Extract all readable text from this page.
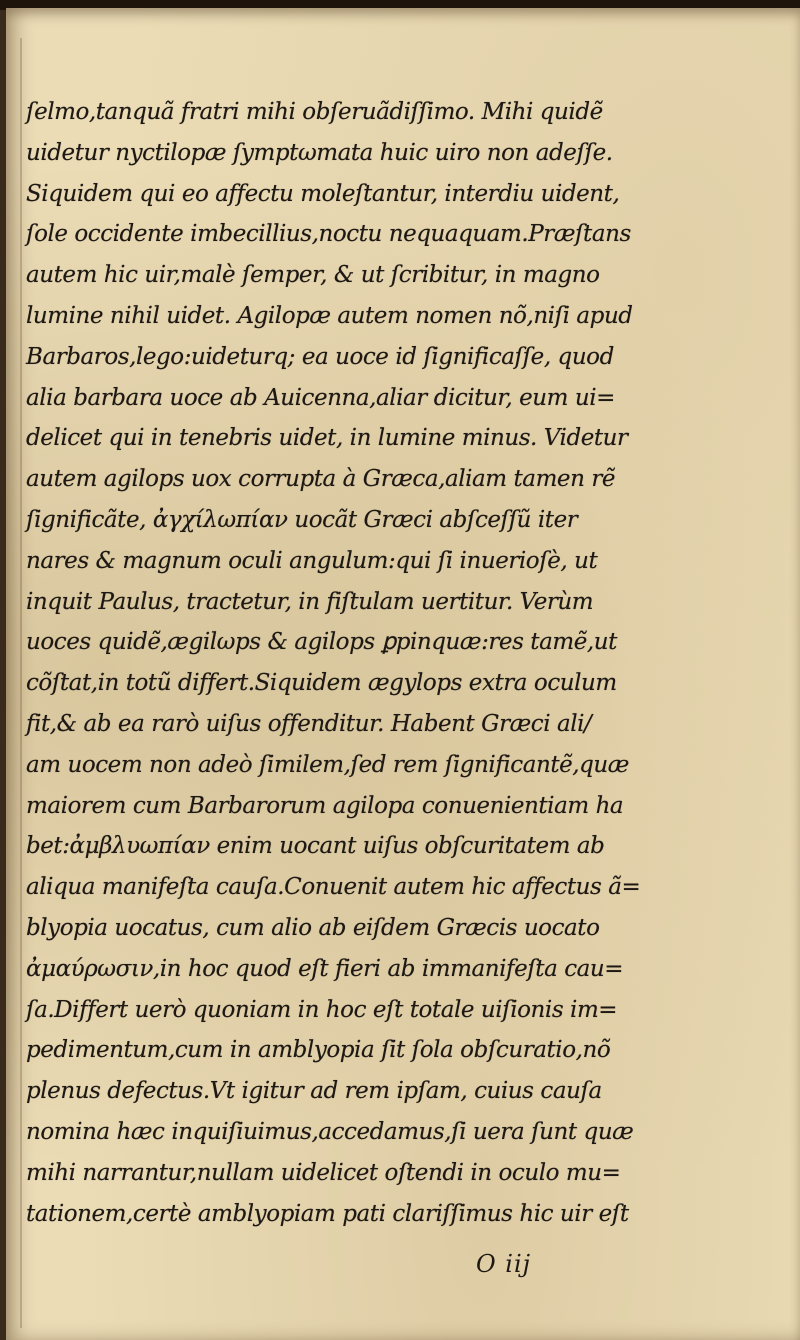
ſelmo,tanquã fratri mihi obſeruãdiſſimo. Mihi quidẽ
uidetur nyctilopæ ſymptωmata huic uiro non adeſſe.
Siquidem qui eo affectu moleſtantur, interdiu uident,
ſole occidente imbecillius,noctu nequaquam.Præſtans
autem hic uir,malè ſemper, & ut ſcribitur, in magno
lumine nihil uidet. Agilopæ autem nomen nõ,niſi apud
Barbaros,lego:uideturq; ea uoce id ſignificaſſe, quod
alia barbara uoce ab Auicenna,aliar dicitur, eum ui=
delicet qui in tenebris uidet, in lumine minus. Videtur
autem agilops uox corrupta à Græca,aliam tamen rẽ
ſignificãte, ἀγχίλωπίαν uocãt Græci abſceſſũ iter
nares & magnum oculi angulum:qui ſi inuerioſè, ut
inquit Paulus, tractetur, in fiſtulam uertitur. Verùm
uoces quidẽ,ægilωps & agilops ꝑpinquæ:res tamẽ,ut
cõſtat,in totũ differt.Siquidem ægylops extra oculum
fit,& ab ea rarò uiſus offenditur. Habent Græci ali/
am uocem non adeò ſimilem,ſed rem ſignificantẽ,quæ
maiorem cum Barbarorum agilopa conuenientiam ha
bet:ἀμβλυωπίαν enim uocant uiſus obſcuritatem ab
aliqua manifeſta cauſa.Conuenit autem hic affectus ã=
blyopia uocatus, cum alio ab eiſdem Græcis uocato
ἀμαύρωσιν,in hoc quod eſt fieri ab immanifeſta cau=
ſa.Differt uerò quoniam in hoc eſt totale uiſionis im=
pedimentum,cum in amblyopia ſit ſola obſcuratio,nõ
plenus defectus.Vt igitur ad rem ipſam, cuius cauſa
nomina hæc inquiſiuimus,accedamus,ſi uera ſunt quæ
mihi narrantur,nullam uidelicet oſtendi in oculo mu=
tationem,certè amblyopiam pati clariſſimus hic uir eſt
O iij
